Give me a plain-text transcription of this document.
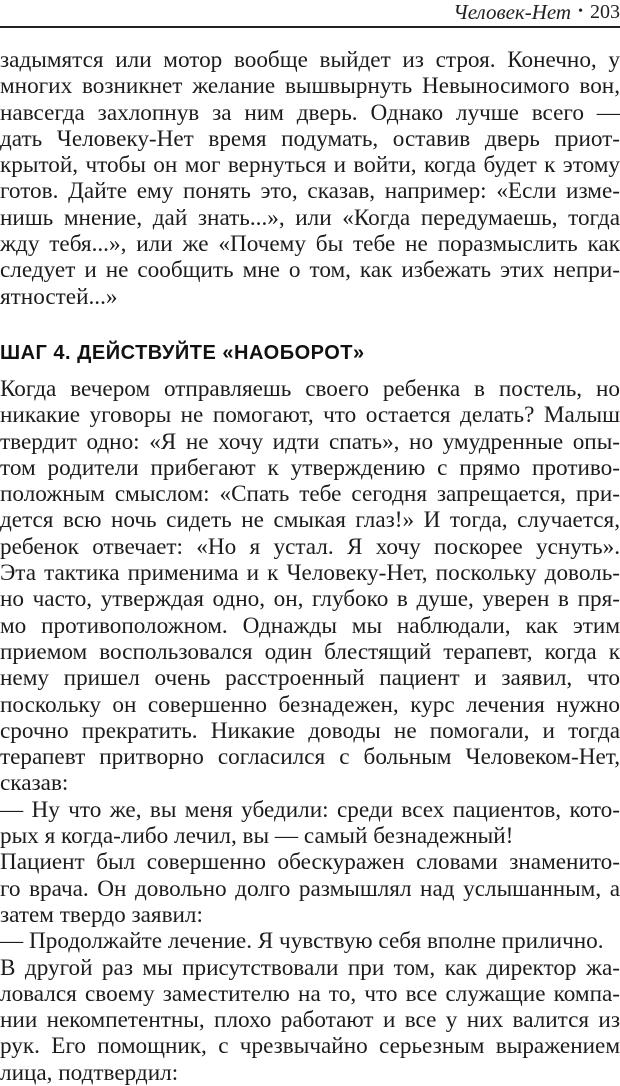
Человек-Нет • 203
задымятся или мотор вообще выйдет из строя. Конечно, у
многих возникнет желание вышвырнуть Невыносимого вон,
навсегда захлопнув за ним дверь. Однако лучше всего —
дать Человеку-Нет время подумать, оставив дверь приот-
крытой, чтобы он мог вернуться и войти, когда будет к этому
готов. Дайте ему понять это, сказав, например: «Если изме-
нишь мнение, дай знать...», или «Когда передумаешь, тогда
жду тебя...», или же «Почему бы тебе не поразмыслить как
следует и не сообщить мне о том, как избежать этих непри-
ятностей...»
ШАГ 4. ДЕЙСТВУЙТЕ «НАОБОРОТ»
Когда вечером отправляешь своего ребенка в постель, но
никакие уговоры не помогают, что остается делать? Малыш
твердит одно: «Я не хочу идти спать», но умудренные опы-
том родители прибегают к утверждению с прямо противо-
положным смыслом: «Спать тебе сегодня запрещается, при-
дется всю ночь сидеть не смыкая глаз!» И тогда, случается,
ребенок отвечает: «Но я устал. Я хочу поскорее уснуть».
Эта тактика применима и к Человеку-Нет, поскольку доволь-
но часто, утверждая одно, он, глубоко в душе, уверен в пря-
мо противоположном. Однажды мы наблюдали, как этим
приемом воспользовался один блестящий терапевт, когда к
нему пришел очень расстроенный пациент и заявил, что
поскольку он совершенно безнадежен, курс лечения нужно
срочно прекратить. Никакие доводы не помогали, и тогда
терапевт притворно согласился с больным Человеком-Нет,
сказав:
— Ну что же, вы меня убедили: среди всех пациентов, кото-
рых я когда-либо лечил, вы — самый безнадежный!
Пациент был совершенно обескуражен словами знаменито-
го врача. Он довольно долго размышлял над услышанным, а
затем твердо заявил:
— Продолжайте лечение. Я чувствую себя вполне прилично.
В другой раз мы присутствовали при том, как директор жа-
ловался своему заместителю на то, что все служащие компа-
нии некомпетентны, плохо работают и все у них валится из
рук. Его помощник, с чрезвычайно серьезным выражением
лица, подтвердил:
